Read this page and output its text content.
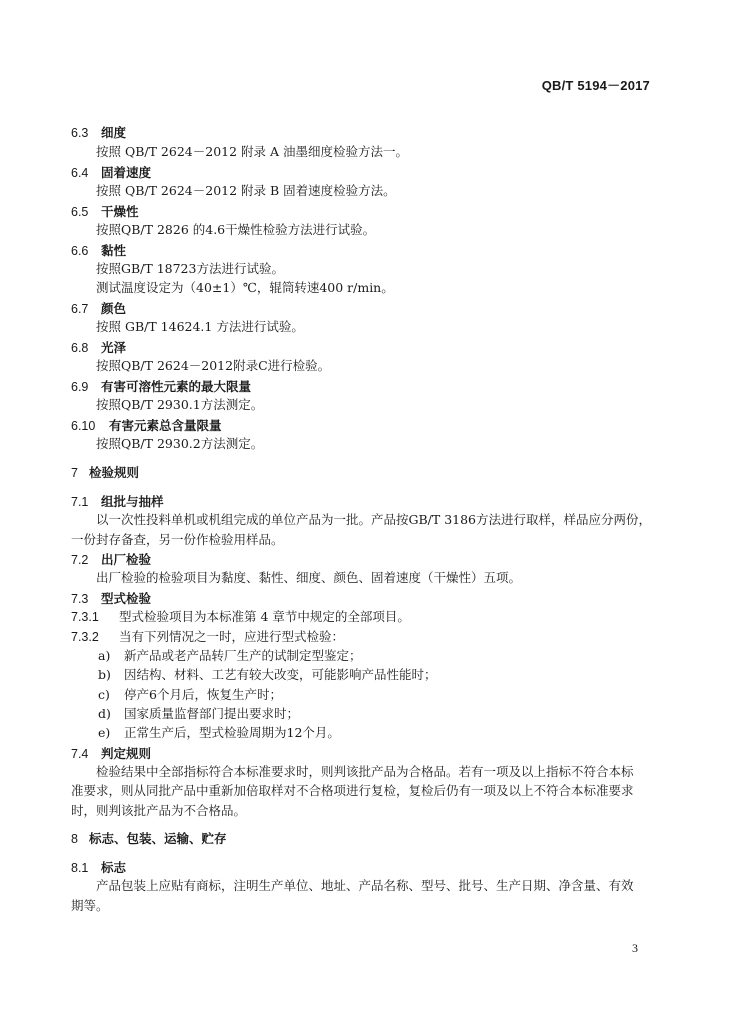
QB/T 5194－2017
6.3 细度
按照 QB/T 2624－2012 附录 A 油墨细度检验方法一。
6.4 固着速度
按照 QB/T 2624－2012 附录 B 固着速度检验方法。
6.5 干燥性
按照QB/T 2826 的4.6干燥性检验方法进行试验。
6.6 黏性
按照GB/T 18723方法进行试验。
测试温度设定为（40±1）℃，辊筒转速400 r/min。
6.7 颜色
按照 GB/T 14624.1 方法进行试验。
6.8 光泽
按照QB/T 2624－2012附录C进行检验。
6.9 有害可溶性元素的最大限量
按照QB/T 2930.1方法测定。
6.10 有害元素总含量限量
按照QB/T 2930.2方法测定。
7 检验规则
7.1 组批与抽样
以一次性投料单机或机组完成的单位产品为一批。产品按GB/T 3186方法进行取样，样品应分两份，
一份封存备查，另一份作检验用样品。
7.2 出厂检验
出厂检验的检验项目为黏度、黏性、细度、颜色、固着速度（干燥性）五项。
7.3 型式检验
7.3.1 型式检验项目为本标准第 4 章节中规定的全部项目。
7.3.2 当有下列情况之一时，应进行型式检验：
a) 新产品或老产品转厂生产的试制定型鉴定；
b) 因结构、材料、工艺有较大改变，可能影响产品性能时；
c) 停产6个月后，恢复生产时；
d) 国家质量监督部门提出要求时；
e) 正常生产后，型式检验周期为12个月。
7.4 判定规则
检验结果中全部指标符合本标准要求时，则判该批产品为合格品。若有一项及以上指标不符合本标
准要求，则从同批产品中重新加倍取样对不合格项进行复检，复检后仍有一项及以上不符合本标准要求
时，则判该批产品为不合格品。
8 标志、包装、运输、贮存
8.1 标志
产品包装上应贴有商标，注明生产单位、地址、产品名称、型号、批号、生产日期、净含量、有效
期等。
3
